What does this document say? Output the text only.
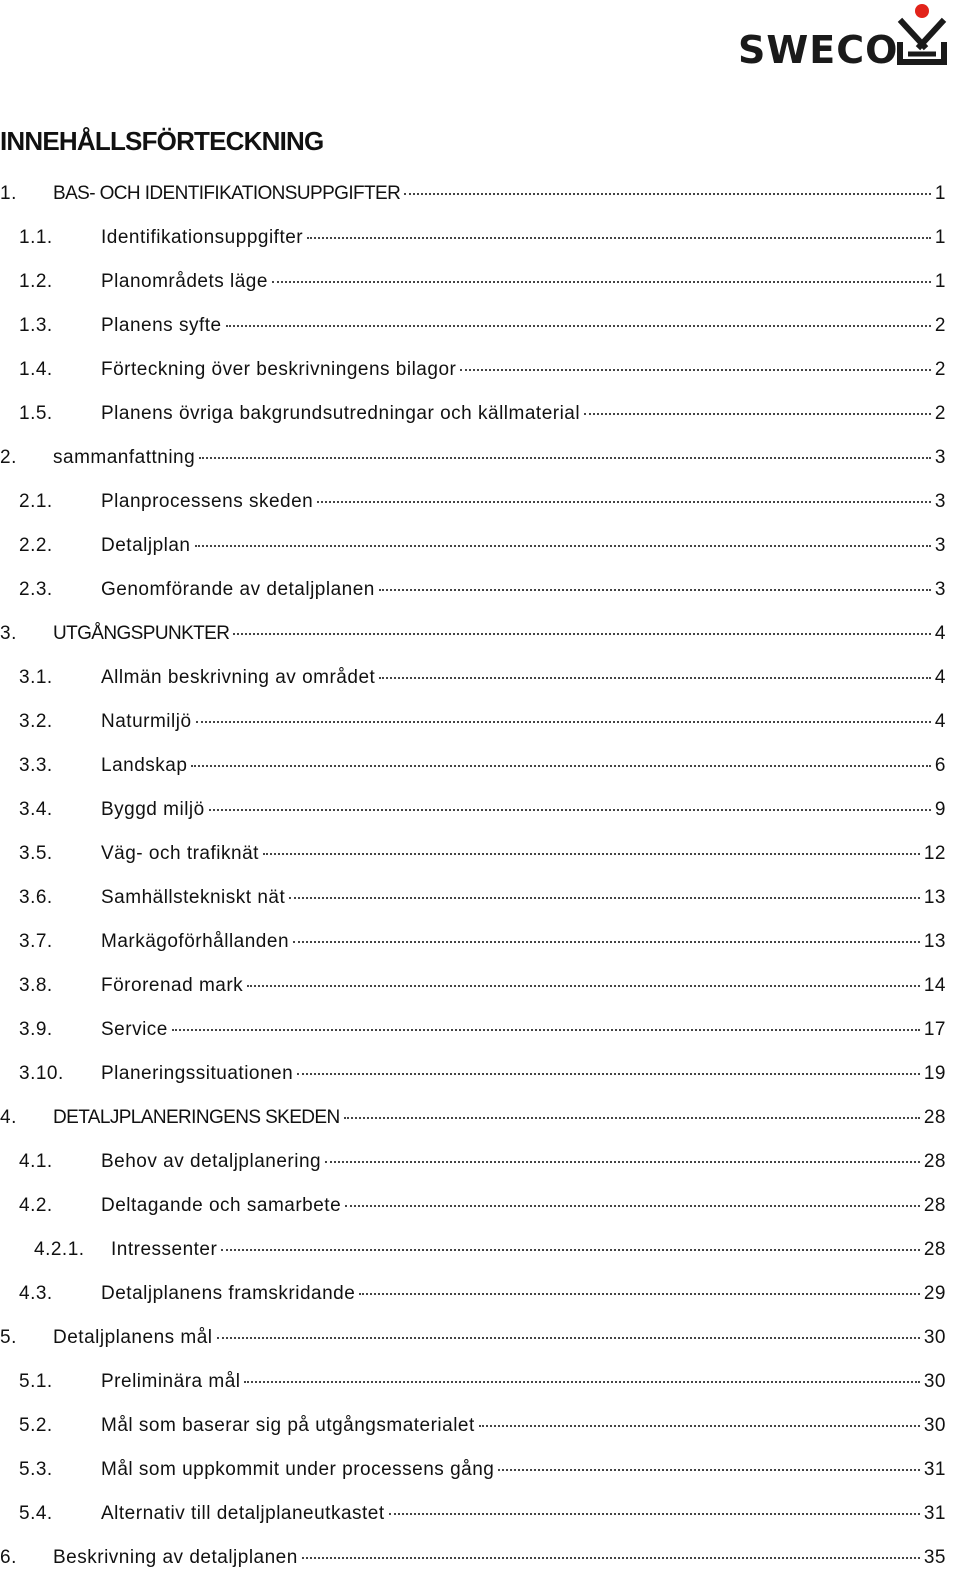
SWECO
INNEHÅLLSFÖRTECKNING
1.	BAS- OCH IDENTIFIKATIONSUPPGIFTER	1
1.1.	Identifikationsuppgifter	1
1.2.	Planområdets läge	1
1.3.	Planens syfte	2
1.4.	Förteckning över beskrivningens bilagor	2
1.5.	Planens övriga bakgrundsutredningar och källmaterial	2
2.	sammanfattning	3
2.1.	Planprocessens skeden	3
2.2.	Detaljplan	3
2.3.	Genomförande av detaljplanen	3
3.	UTGÅNGSPUNKTER	4
3.1.	Allmän beskrivning av området	4
3.2.	Naturmiljö	4
3.3.	Landskap	6
3.4.	Byggd miljö	9
3.5.	Väg- och trafiknät	12
3.6.	Samhällstekniskt nät	13
3.7.	Markägoförhållanden	13
3.8.	Förorenad mark	14
3.9.	Service	17
3.10.	Planeringssituationen	19
4.	DETALJPLANERINGENS SKEDEN	28
4.1.	Behov av detaljplanering	28
4.2.	Deltagande och samarbete	28
4.2.1.	Intressenter	28
4.3.	Detaljplanens framskridande	29
5.	Detaljplanens mål	30
5.1.	Preliminära mål	30
5.2.	Mål som baserar sig på utgångsmaterialet	30
5.3.	Mål som uppkommit under processens gång	31
5.4.	Alternativ till detaljplaneutkastet	31
6.	Beskrivning av detaljplanen	35
